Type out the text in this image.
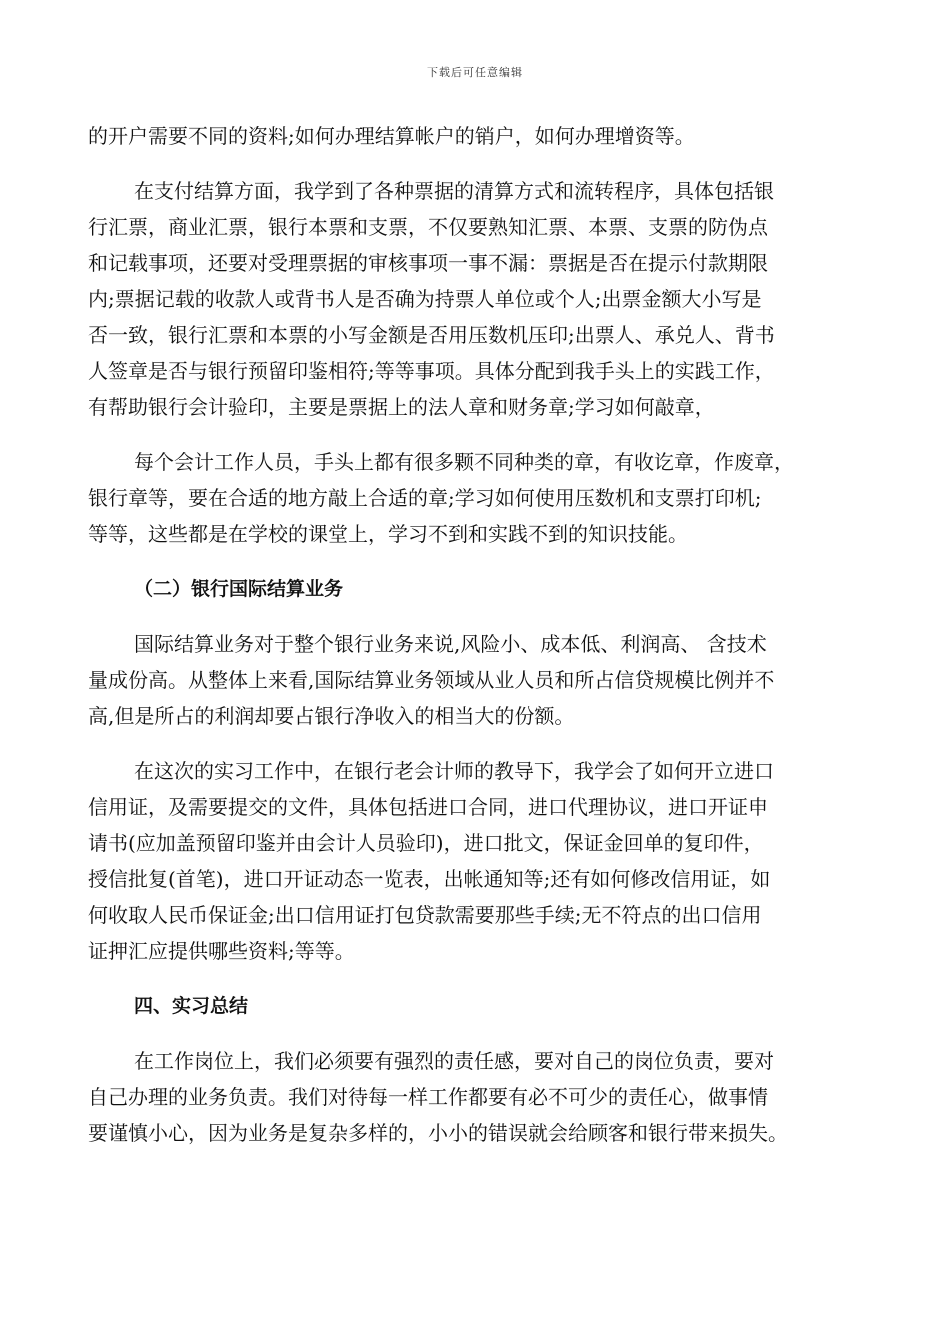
下载后可任意编辑

的开户需要不同的资料;如何办理结算帐户的销户，如何办理增资等。

在支付结算方面，我学到了各种票据的清算方式和流转程序，具体包括银
行汇票，商业汇票，银行本票和支票，不仅要熟知汇票、本票、支票的防伪点
和记载事项，还要对受理票据的审核事项一事不漏：票据是否在提示付款期限
内;票据记载的收款人或背书人是否确为持票人单位或个人;出票金额大小写是
否一致，银行汇票和本票的小写金额是否用压数机压印;出票人、承兑人、背书
人签章是否与银行预留印鉴相符;等等事项。具体分配到我手头上的实践工作，
有帮助银行会计验印，主要是票据上的法人章和财务章;学习如何敲章，

每个会计工作人员，手头上都有很多颗不同种类的章，有收讫章，作废章，
银行章等，要在合适的地方敲上合适的章;学习如何使用压数机和支票打印机;
等等，这些都是在学校的课堂上，学习不到和实践不到的知识技能。

（二）银行国际结算业务

国际结算业务对于整个银行业务来说,风险小、成本低、利润高、 含技术
量成份高。从整体上来看,国际结算业务领域从业人员和所占信贷规模比例并不
高,但是所占的利润却要占银行净收入的相当大的份额。

在这次的实习工作中，在银行老会计师的教导下，我学会了如何开立进口
信用证，及需要提交的文件，具体包括进口合同，进口代理协议，进口开证申
请书(应加盖预留印鉴并由会计人员验印)，进口批文，保证金回单的复印件，
授信批复(首笔)，进口开证动态一览表，出帐通知等;还有如何修改信用证，如
何收取人民币保证金;出口信用证打包贷款需要那些手续;无不符点的出口信用
证押汇应提供哪些资料;等等。

四、实习总结

在工作岗位上，我们必须要有强烈的责任感，要对自己的岗位负责，要对
自己办理的业务负责。我们对待每一样工作都要有必不可少的责任心，做事情
要谨慎小心，因为业务是复杂多样的，小小的错误就会给顾客和银行带来损失。
